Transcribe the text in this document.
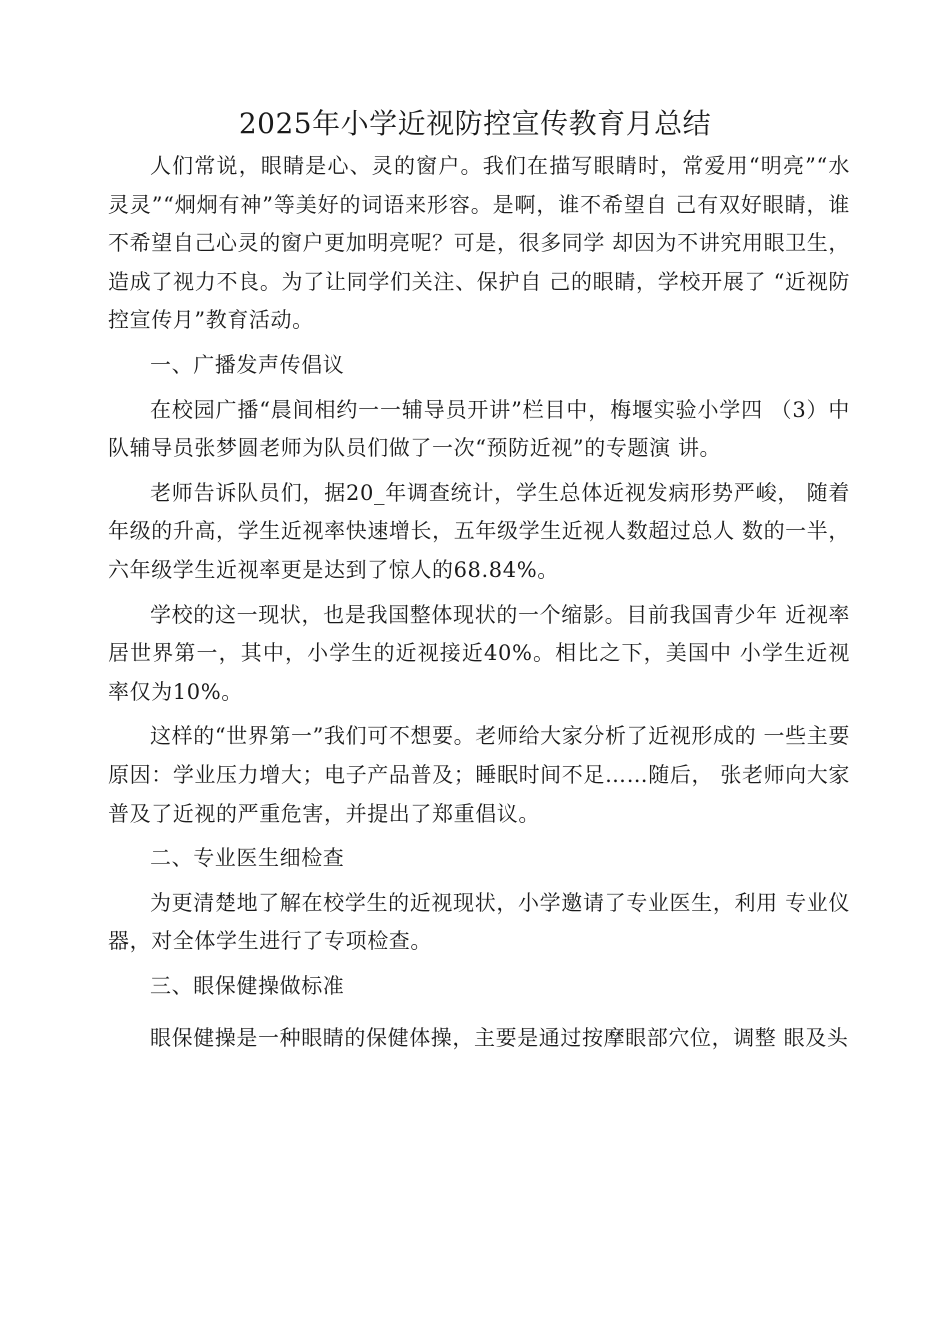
2025年小学近视防控宣传教育月总结

人们常说，眼睛是心、灵的窗户。我们在描写眼睛时，常爱用“明亮”“水灵灵”“炯炯有神”等美好的词语来形容。是啊，谁不希望自 己有双好眼睛，谁不希望自己心灵的窗户更加明亮呢？可是，很多同学 却因为不讲究用眼卫生，造成了视力不良。为了让同学们关注、保护自 己的眼睛，学校开展了 “近视防控宣传月”教育活动。

一、广播发声传倡议

在校园广播“晨间相约一一辅导员开讲”栏目中，梅堰实验小学四 （3）中队辅导员张梦圆老师为队员们做了一次“预防近视”的专题演 讲。

老师告诉队员们，据20_年调查统计，学生总体近视发病形势严峻， 随着年级的升高，学生近视率快速增长，五年级学生近视人数超过总人 数的一半，六年级学生近视率更是达到了惊人的68.84%。

学校的这一现状，也是我国整体现状的一个缩影。目前我国青少年 近视率居世界第一，其中，小学生的近视接近40%。相比之下，美国中 小学生近视率仅为10%。

这样的“世界第一”我们可不想要。老师给大家分析了近视形成的 一些主要原因：学业压力增大；电子产品普及；睡眠时间不足……随后， 张老师向大家普及了近视的严重危害，并提出了郑重倡议。

二、专业医生细检查

为更清楚地了解在校学生的近视现状，小学邀请了专业医生，利用 专业仪器，对全体学生进行了专项检查。

三、眼保健操做标准

眼保健操是一种眼睛的保健体操，主要是通过按摩眼部穴位，调整 眼及头
